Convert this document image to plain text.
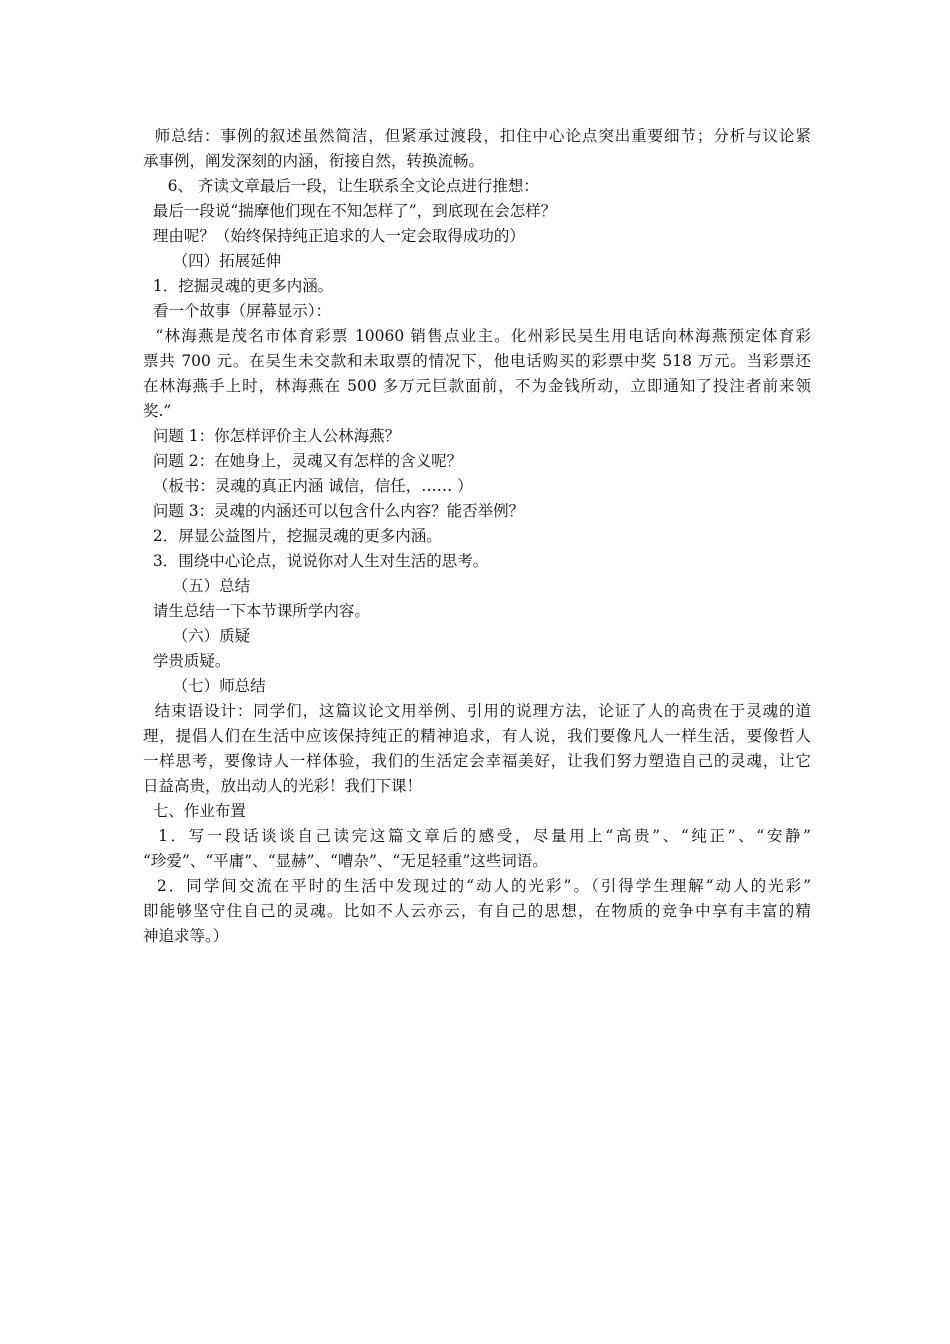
师总结：事例的叙述虽然简洁，但紧承过渡段，扣住中心论点突出重要细节；分析与议论紧

承事例，阐发深刻的内涵，衔接自然，转换流畅。

6、 齐读文章最后一段，让生联系全文论点进行推想：

最后一段说“揣摩他们现在不知怎样了”，到底现在会怎样？

理由呢？（始终保持纯正追求的人一定会取得成功的）

（四）拓展延伸

1．挖掘灵魂的更多内涵。

看一个故事（屏幕显示）：

“林海燕是茂名市体育彩票 10060 销售点业主。化州彩民吴生用电话向林海燕预定体育彩

票共 700 元。在吴生未交款和未取票的情况下，他电话购买的彩票中奖 518 万元。当彩票还

在林海燕手上时，林海燕在 500 多万元巨款面前，不为金钱所动，立即通知了投注者前来领

奖.”

问题 1：你怎样评价主人公林海燕？

问题 2：在她身上，灵魂又有怎样的含义呢？

（板书：灵魂的真正内涵 诚信，信任，…… ）

问题 3：灵魂的内涵还可以包含什么内容？能否举例？

2．屏显公益图片，挖掘灵魂的更多内涵。

3．围绕中心论点，说说你对人生对生活的思考。

（五）总结

请生总结一下本节课所学内容。

（六）质疑

学贵质疑。

（七）师总结

结束语设计：同学们，这篇议论文用举例、引用的说理方法，论证了人的高贵在于灵魂的道

理，提倡人们在生活中应该保持纯正的精神追求，有人说，我们要像凡人一样生活，要像哲人

一样思考，要像诗人一样体验，我们的生活定会幸福美好，让我们努力塑造自己的灵魂，让它

日益高贵，放出动人的光彩！我们下课！

七、作业布置

1．写一段话谈谈自己读完这篇文章后的感受，尽量用上“高贵”、“纯正”、“安静”

“珍爱”、“平庸”、“显赫”、“嘈杂”、“无足轻重”这些词语。

2．同学间交流在平时的生活中发现过的“动人的光彩”。（引得学生理解“动人的光彩”

即能够坚守住自己的灵魂。比如不人云亦云，有自己的思想，在物质的竞争中享有丰富的精

神追求等。）
